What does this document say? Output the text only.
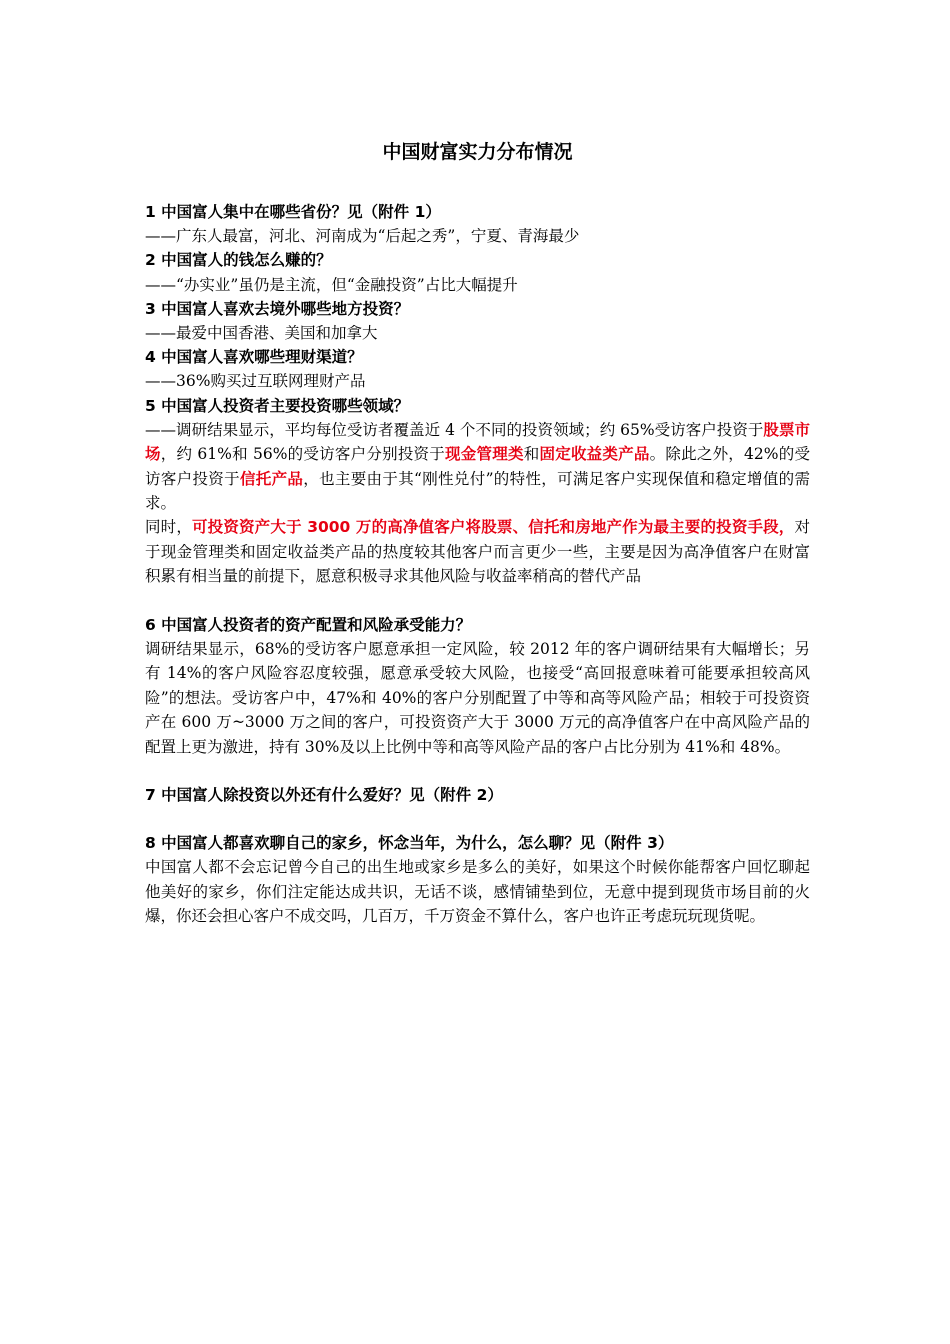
中国财富实力分布情况
1 中国富人集中在哪些省份？见（附件 1）
——广东人最富，河北、河南成为“后起之秀”，宁夏、青海最少
2 中国富人的钱怎么赚的？
——“办实业”虽仍是主流，但“金融投资”占比大幅提升
3 中国富人喜欢去境外哪些地方投资？
——最爱中国香港、美国和加拿大
4 中国富人喜欢哪些理财渠道？
——36%购买过互联网理财产品
5 中国富人投资者主要投资哪些领域？
——调研结果显示，平均每位受访者覆盖近 4 个不同的投资领域；约 65%受访客户投资于股票市场，约 61%和 56%的受访客户分别投资于现金管理类和固定收益类产品。除此之外，42%的受访客户投资于信托产品，也主要由于其“刚性兑付”的特性，可满足客户实现保值和稳定增值的需求。
同时，可投资资产大于 3000 万的高净值客户将股票、信托和房地产作为最主要的投资手段，对于现金管理类和固定收益类产品的热度较其他客户而言更少一些，主要是因为高净值客户在财富积累有相当量的前提下，愿意积极寻求其他风险与收益率稍高的替代产品
6 中国富人投资者的资产配置和风险承受能力？
调研结果显示，68%的受访客户愿意承担一定风险，较 2012 年的客户调研结果有大幅增长；另有 14%的客户风险容忍度较强，愿意承受较大风险，也接受“高回报意味着可能要承担较高风险”的想法。受访客户中，47%和 40%的客户分别配置了中等和高等风险产品；相较于可投资资产在 600 万~3000 万之间的客户，可投资资产大于 3000 万元的高净值客户在中高风险产品的配置上更为激进，持有 30%及以上比例中等和高等风险产品的客户占比分别为 41%和 48%。
7 中国富人除投资以外还有什么爱好？见（附件 2）
8 中国富人都喜欢聊自己的家乡，怀念当年，为什么，怎么聊？见（附件 3）
中国富人都不会忘记曾今自己的出生地或家乡是多么的美好，如果这个时候你能帮客户回忆聊起他美好的家乡，你们注定能达成共识，无话不谈，感情铺垫到位，无意中提到现货市场目前的火爆，你还会担心客户不成交吗，几百万，千万资金不算什么，客户也许正考虑玩玩现货呢。
